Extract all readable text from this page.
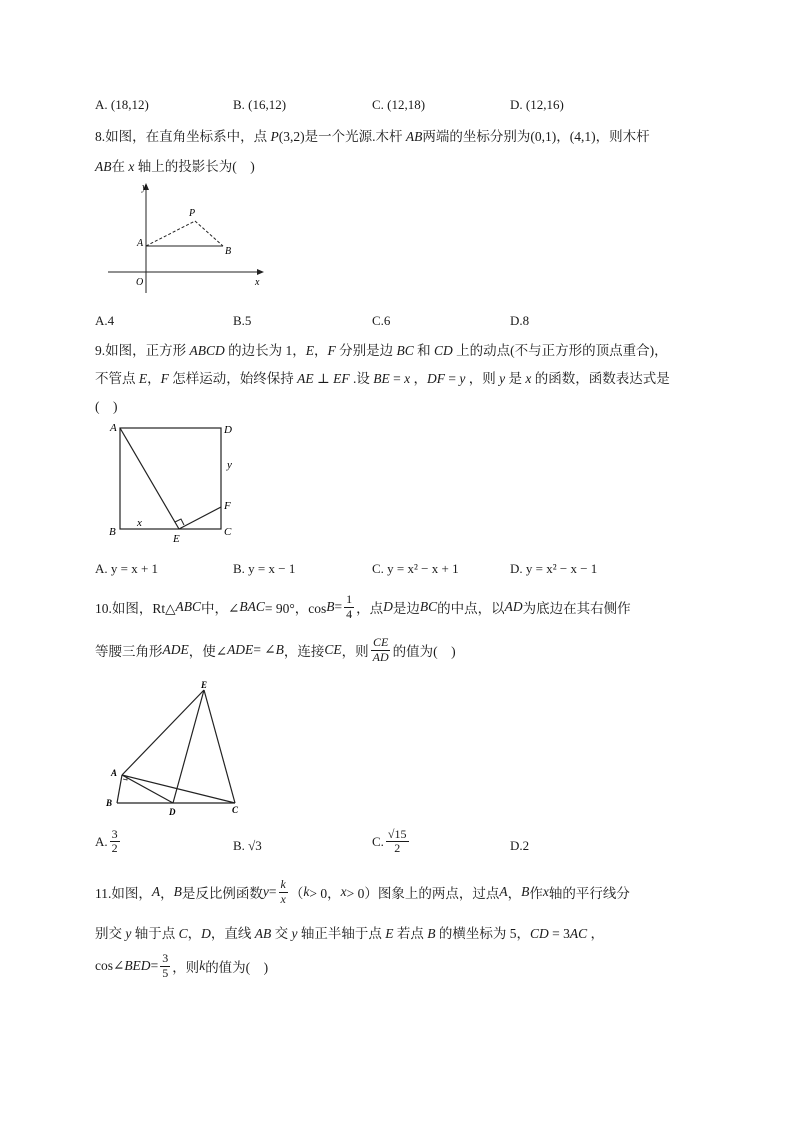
A. (18,12)	B. (16,12)	C. (12,18)	D. (12,16)
8.如图，在直角坐标系中，点 P(3,2)是一个光源.木杆 AB两端的坐标分别为(0,1)，(4,1)，则木杆
AB在 x 轴上的投影长为(　)
y
x
O
A
B
P
A.4	B.5	C.6	D.8
9.如图，正方形 ABCD 的边长为 1，E，F 分别是边 BC 和 CD 上的动点(不与正方形的顶点重合)，
不管点 E，F 怎样运动，始终保持 AE ⊥ EF .设 BE = x ，DF = y ，则 y 是 x 的函数，函数表达式是
(　)
A	D
B	C
E
F
x
y
A. y = x + 1	B. y = x − 1	C. y = x² − x + 1	D. y = x² − x − 1
10.如图，Rt△ ABC 中，∠ BAC = 90°，$\cos B = \frac{1}{4}$ ，点 D 是边 BC 的中点，以 AD 为底边在其右侧作
等腰三角形 ADE ，使∠ ADE = ∠ B ，连接 CE ，则 $\frac{CE}{AD}$ 的值为(　)
E
A
B
D	C
A. $\frac{3}{2}$	B. √3	C. $\frac{√15}{2}$	D.2
11.如图， A ， B 是反比例函数 $y = \frac{k}{x}$ （ k > 0， x > 0）图象上的两点，过点 A ， B 作 x 轴的平行线分
别交 y 轴于点 C，D，直线 AB 交 y 轴正半轴于点 E 若点 B 的横坐标为 5，CD = 3AC ，
cos∠ BED = $\frac{3}{5}$ ，则 k 的值为(　)
